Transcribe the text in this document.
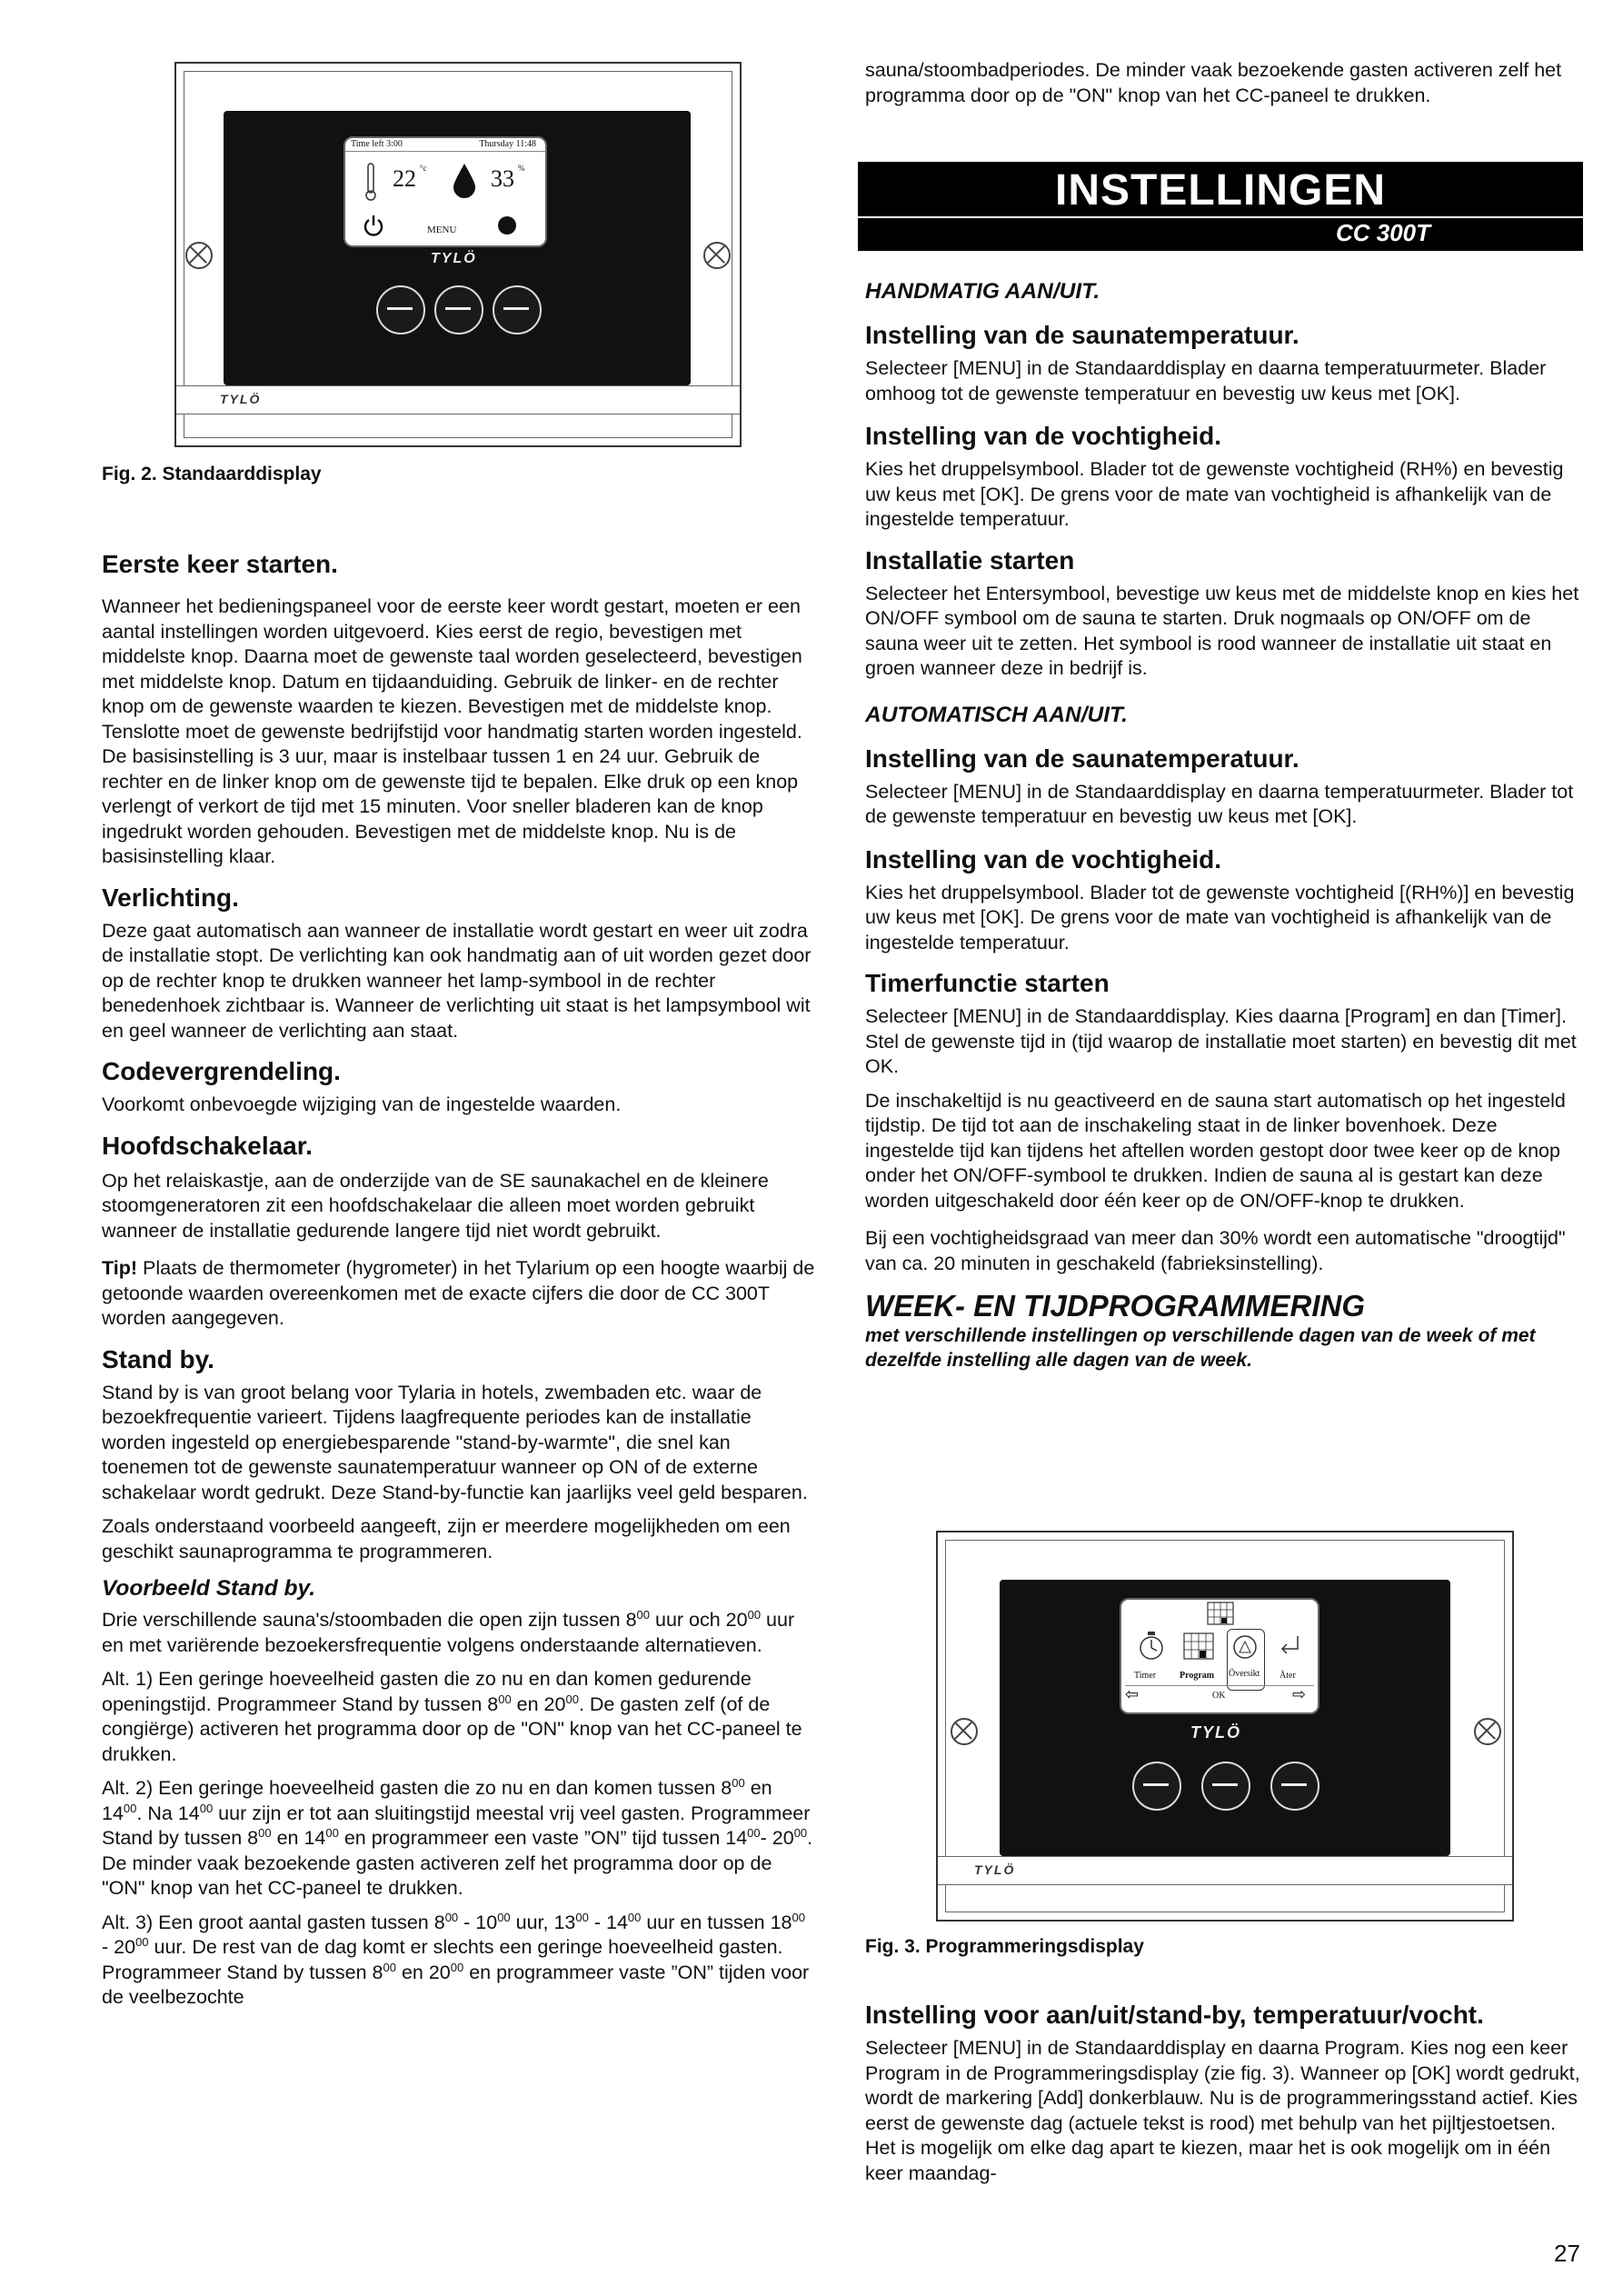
Time left 3:00	Thursday 11:48
22 °c	33 %
MENU
TYLÖ
TYLÖ

Fig. 2. Standaarddisplay

Eerste keer starten.

Wanneer het bedieningspaneel voor de eerste keer wordt gestart, moeten er een aantal instellingen worden uitgevoerd. Kies eerst de regio, bevestigen met middelste knop. Daarna moet de gewenste taal worden geselecteerd, bevestigen met middelste knop. Datum en tijdaanduiding. Gebruik de linker- en de rechter knop om de gewenste waarden te kiezen. Bevestigen met de middelste knop. Tenslotte moet de gewenste bedrijfstijd voor handmatig starten worden ingesteld. De basisinstelling is 3 uur, maar is instelbaar tussen 1 en 24 uur. Gebruik de rechter en de linker knop om de gewenste tijd te bepalen. Elke druk op een knop verlengt of verkort de tijd met 15 minuten. Voor sneller bladeren kan de knop ingedrukt worden gehouden. Bevestigen met de middelste knop. Nu is de basisinstelling klaar.

Verlichting.

Deze gaat automatisch aan wanneer de installatie wordt gestart en weer uit zodra de installatie stopt. De verlichting kan ook handmatig aan of uit worden gezet door op de rechter knop te drukken wanneer het lamp-symbool in de rechter benedenhoek zichtbaar is. Wanneer de verlichting uit staat is het lampsymbool wit en geel wanneer de verlichting aan staat.

Codevergrendeling.

Voorkomt onbevoegde wijziging van de ingestelde waarden.

Hoofdschakelaar.

Op het relaiskastje, aan de onderzijde van de SE saunakachel en de kleinere stoomgeneratoren zit een hoofdschakelaar die alleen moet worden gebruikt wanneer de installatie gedurende langere tijd niet wordt gebruikt.

Tip! Plaats de thermometer (hygrometer) in het Tylarium op een hoogte waarbij de getoonde waarden overeenkomen met de exacte cijfers die door de CC 300T worden aangegeven.

Stand by.

Stand by is van groot belang voor Tylaria in hotels, zwembaden etc. waar de bezoekfrequentie varieert. Tijdens laagfrequente periodes kan de installatie worden ingesteld op energiebesparende "stand-by-warmte", die snel kan toenemen tot de gewenste saunatemperatuur wanneer op ON of de externe schakelaar wordt gedrukt. Deze Stand-by-functie kan jaarlijks veel geld besparen.

Zoals onderstaand voorbeeld aangeeft, zijn er meerdere mogelijkheden om een geschikt saunaprogramma te programmeren.

Voorbeeld Stand by.

Drie verschillende sauna's/stoombaden die open zijn tussen $8^{00}$ uur och $20^{00}$ uur en met variërende bezoekersfrequentie volgens onderstaande alternatieven.

Alt. 1) Een geringe hoeveelheid gasten die zo nu en dan komen gedurende openingstijd. Programmeer Stand by tussen $8^{00}$ en $20^{00}$. De gasten zelf (of de congiërge) activeren het programma door op de "ON" knop van het CC-paneel te drukken.

Alt. 2) Een geringe hoeveelheid gasten die zo nu en dan komen tussen $8^{00}$ en $14^{00}$. Na $14^{00}$ uur zijn er tot aan sluitingstijd meestal vrij veel gasten. Programmeer Stand by tussen $8^{00}$ en $14^{00}$ en programmeer een vaste ”ON” tijd tussen $14^{00}-$ $20^{00}$. De minder vaak bezoekende gasten activeren zelf het programma door op de "ON" knop van het CC-paneel te drukken.

Alt. 3) Een groot aantal gasten tussen $8^{00} - 10^{00}$ uur, $13^{00} - 14^{00}$ uur en tussen $18^{00} - 20^{00}$ uur. De rest van de dag komt er slechts een geringe hoeveelheid gasten. Programmeer Stand by tussen $8^{00}$ en $20^{00}$ en programmeer vaste ”ON” tijden voor de veelbezochte

sauna/stoombadperiodes. De minder vaak bezoekende gasten activeren zelf het programma door op de "ON" knop van het CC-paneel te drukken.

INSTELLINGEN
CC 300T

HANDMATIG AAN/UIT.

Instelling van de saunatemperatuur.

Selecteer [MENU] in de Standaarddisplay en daarna temperatuurmeter. Blader omhoog tot de gewenste temperatuur en bevestig uw keus met [OK].

Instelling van de vochtigheid.

Kies het druppelsymbool. Blader tot de gewenste vochtigheid (RH%) en bevestig uw keus met [OK]. De grens voor de mate van vochtigheid is afhankelijk van de ingestelde temperatuur.

Installatie starten

Selecteer het Entersymbool, bevestige uw keus met de middelste knop en kies het ON/OFF symbool om de sauna te starten. Druk nogmaals op ON/OFF om de sauna weer uit te zetten. Het symbool is rood wanneer de installatie uit staat en groen wanneer deze in bedrijf is.

AUTOMATISCH AAN/UIT.

Instelling van de saunatemperatuur.

Selecteer [MENU] in de Standaarddisplay en daarna temperatuurmeter. Blader tot de gewenste temperatuur en bevestig uw keus met [OK].

Instelling van de vochtigheid.

Kies het druppelsymbool. Blader tot de gewenste vochtigheid [(RH%)] en bevestig uw keus met [OK]. De grens voor de mate van vochtigheid is afhankelijk van de ingestelde temperatuur.

Timerfunctie starten

Selecteer [MENU] in de Standaarddisplay. Kies daarna [Program] en dan [Timer]. Stel de gewenste tijd in (tijd waarop de installatie moet starten) en bevestig dit met OK.

De inschakeltijd is nu geactiveerd en de sauna start automatisch op het ingesteld tijdstip. De tijd tot aan de inschakeling staat in de linker bovenhoek. Deze ingestelde tijd kan tijdens het aftellen worden gestopt door twee keer op de knop onder het ON/OFF-symbool te drukken. Indien de sauna al is gestart kan deze worden uitgeschakeld door één keer op de ON/OFF-knop te drukken.

Bij een vochtigheidsgraad van meer dan 30% wordt een automatische "droogtijd" van ca. 20 minuten in geschakeld (fabrieksinstelling).

WEEK- EN TIJDPROGRAMMERING

met verschillende instellingen op verschillende dagen van de week of met dezelfde instelling alle dagen van de week.

Timer	Program Översikt Åter
⇦	OK	⇨
TYLÖ
TYLÖ

Fig. 3. Programmeringsdisplay

Instelling voor aan/uit/stand-by, temperatuur/vocht.

Selecteer [MENU] in de Standaarddisplay en daarna Program. Kies nog een keer Program in de Programmeringsdisplay (zie fig. 3). Wanneer op [OK] wordt gedrukt, wordt de markering [Add] donkerblauw. Nu is de programmeringsstand actief. Kies eerst de gewenste dag (actuele tekst is rood) met behulp van het pijltjestoetsen. Het is mogelijk om elke dag apart te kiezen, maar het is ook mogelijk om in één keer maandag-

27
